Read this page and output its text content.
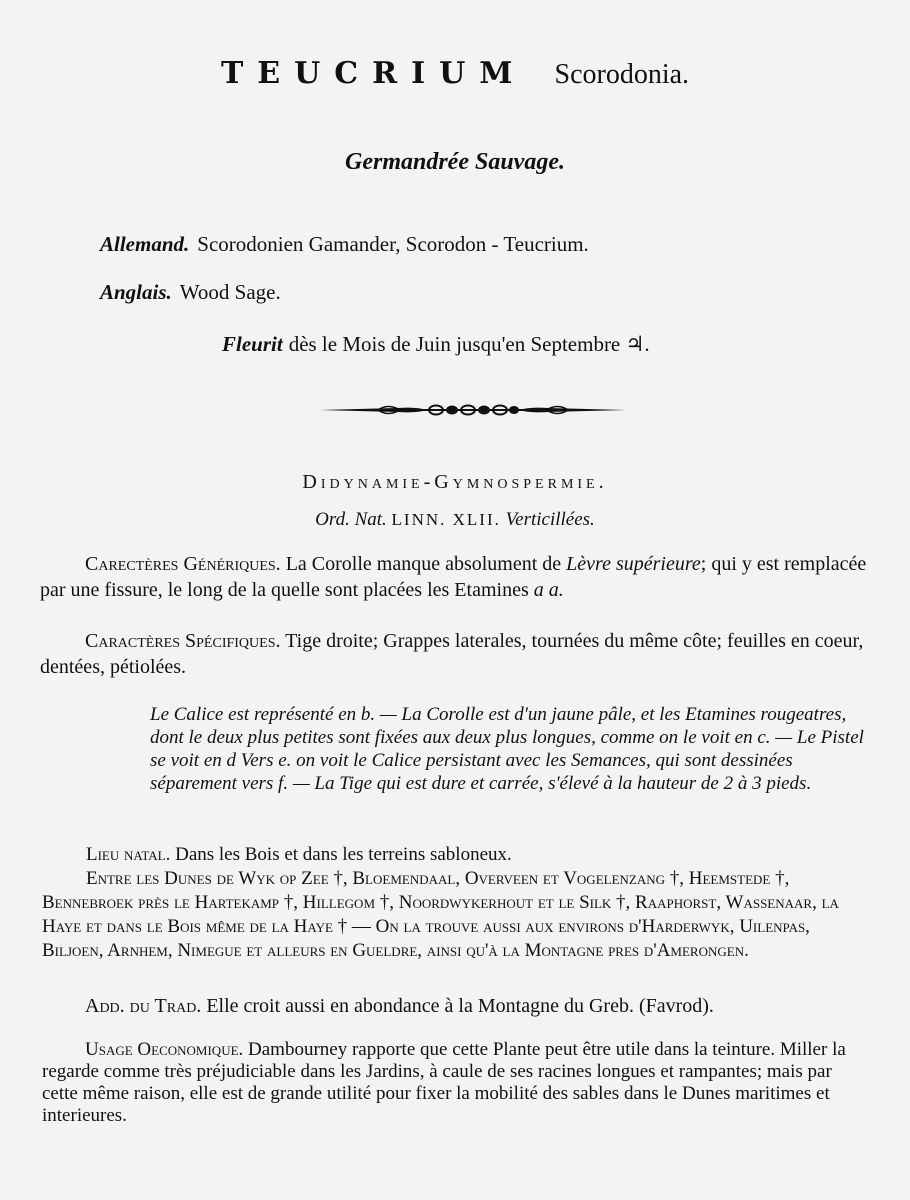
TEUCRIUM Scorodonia.
Germandrée Sauvage.
Allemand. Scorodonien Gamander, Scorodon - Teucrium.
Anglais. Wood Sage.
Fleurit dès le Mois de Juin jusqu'en Septembre ♃.
Didynamie-Gymnospermie.
Ord. Nat. LINN. XLII. Verticillées.
Carectères Génériques. La Corolle manque absolument de Lèvre supérieure; qui y est remplacée par une fissure, le long de la quelle sont placées les Etamines a a.
Caractères Spécifiques. Tige droite; Grappes laterales, tournées du même côte; feuilles en coeur, dentées, pétiolées.
Le Calice est représenté en b. — La Corolle est d'un jaune pâle, et les Etamines rougeatres, dont le deux plus petites sont fixées aux deux plus longues, comme on le voit en c. — Le Pistel se voit en d Vers e. on voit le Calice persistant avec les Semances, qui sont dessinées séparement vers f. — La Tige qui est dure et carrée, s'élevé à la hauteur de 2 à 3 pieds.
Lieu natal. Dans les Bois et dans les terreins sabloneux.
Entre les Dunes de Wyk op Zee †, Bloemendaal, Overveen et Vogelenzang †, Heemstede †, Bennebroek près le Hartekamp †, Hillegom †, Noordwykerhout et le Silk †, Raaphorst, Wassenaar, la Haye et dans le Bois même de la Haye † — On la trouve aussi aux environs d'Harderwyk, Uilenpas, Biljoen, Arnhem, Nimegue et alleurs en Gueldre, ainsi qu'à la Montagne pres d'Amerongen.
Add. du Trad. Elle croit aussi en abondance à la Montagne du Greb. (Favrod).
Usage Oeconomique. Dambourney rapporte que cette Plante peut être utile dans la teinture. Miller la regarde comme très préjudiciable dans les Jardins, à caule de ses racines longues et rampantes; mais par cette même raison, elle est de grande utilité pour fixer la mobilité des sables dans le Dunes maritimes et interieures.
